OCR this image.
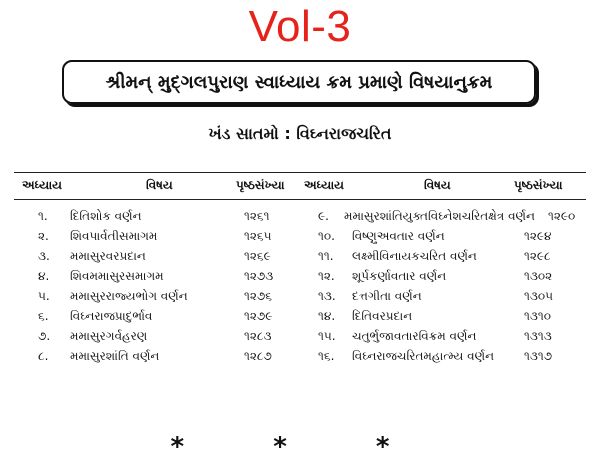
Vol-3
શ્રીમન્ મુદ્ગલપુરાણ સ્વાધ્યાય ક્રમ પ્રમાણે વિષયાનુક્રમ
ખંડ સાતમો : વિઘ્નરાજચરિત
અધ્યાય	વિષય	પૃષ્ઠસંખ્યા અધ્યાય	વિષય	પૃષ્ઠસંખ્યા
૧. દિતિશોક વર્ણન	૧૨૬૧
૨. શિવપાર્વતીસમાગમ	૧૨૬૫
૩. મમાસુરવરપ્રદાન	૧૨૬૯
૪. શિવમમાસુરસમાગમ	૧૨૭૩
૫. મમાસુરરાજ્યભોગ વર્ણન	૧૨૭૬
૬. વિઘ્નરાજપ્રાદુર્ભાવ	૧૨૭૯
૭. મમાસુરગર્વહરણ	૧૨૮૩
૮. મમાસુરશાંતિ વર્ણન	૧૨૮૭
૯. મમાસુરશાંતિયુક્તવિઘ્નેશચરિતક્ષેત્ર વર્ણન ૧૨૯૦
૧૦. વિષ્ણુઅવતાર વર્ણન	૧૨૯૪
૧૧. લક્ષ્મીવિનાયકચરિત વર્ણન	૧૨૯૮
૧૨. શૂર્પકર્ણાવતાર વર્ણન	૧૩૦૨
૧૩. દત્તગીતા વર્ણન	૧૩૦૫
૧૪. દિતિવરપ્રદાન	૧૩૧૦
૧૫. ચતુર્ભુજાવતારવિક્રમ વર્ણન	૧૩૧૩
૧૬. વિઘ્નરાજચરિતમહાત્મ્ય વર્ણન ૧૩૧૭
* * *
